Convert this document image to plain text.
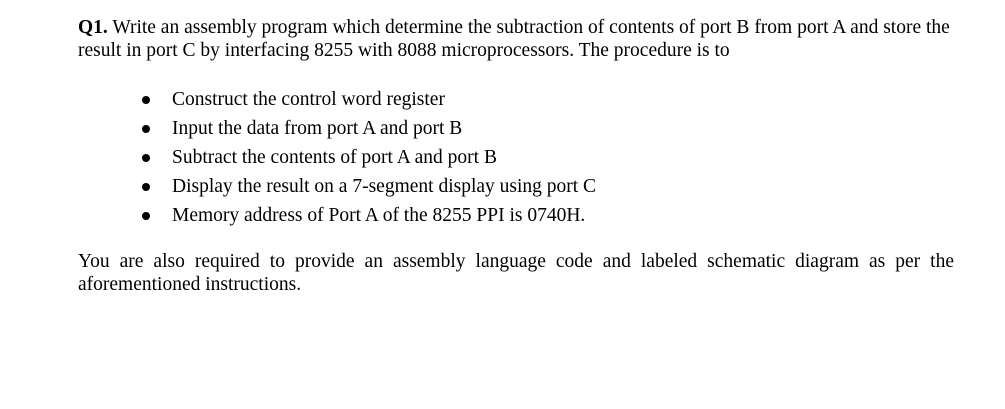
Q1. Write an assembly program which determine the subtraction of contents of port B from port A and store the result in port C by interfacing 8255 with 8088 microprocessors. The procedure is to

Construct the control word register
Input the data from port A and port B
Subtract the contents of port A and port B
Display the result on a 7-segment display using port C
Memory address of Port A of the 8255 PPI is 0740H.

You are also required to provide an assembly language code and labeled schematic diagram as per the aforementioned instructions.
